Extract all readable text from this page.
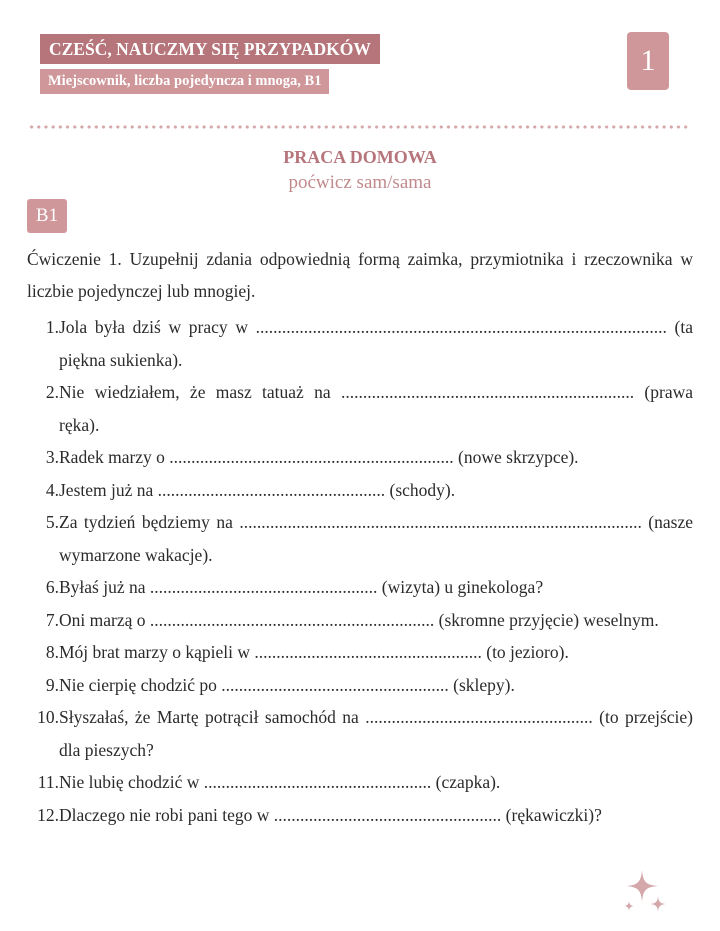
CZEŚĆ, NAUCZMY SIĘ PRZYPADKÓW
Miejscownik, liczba pojedyncza i mnoga, B1
1
PRACA DOMOWA
poćwicz sam/sama
B1

Ćwiczenie 1. Uzupełnij zdania odpowiednią formą zaimka, przymiotnika i rzeczownika w liczbie pojedynczej lub mnogiej.

1. Jola była dziś w pracy w .............................................................................................. (ta piękna sukienka).
2. Nie wiedziałem, że masz tatuaż na ................................................................... (prawa ręka).
3. Radek marzy o ................................................................. (nowe skrzypce).
4. Jestem już na .................................................... (schody).
5. Za tydzień będziemy na ............................................................................................ (nasze wymarzone wakacje).
6. Byłaś już na .................................................... (wizyta) u ginekologa?
7. Oni marzą o ................................................................. (skromne przyjęcie) weselnym.
8. Mój brat marzy o kąpieli w .................................................... (to jezioro).
9. Nie cierpię chodzić po .................................................... (sklepy).
10. Słyszałaś, że Martę potrącił samochód na .................................................... (to przejście) dla pieszych?
11. Nie lubię chodzić w .................................................... (czapka).
12. Dlaczego nie robi pani tego w .................................................... (rękawiczki)?
